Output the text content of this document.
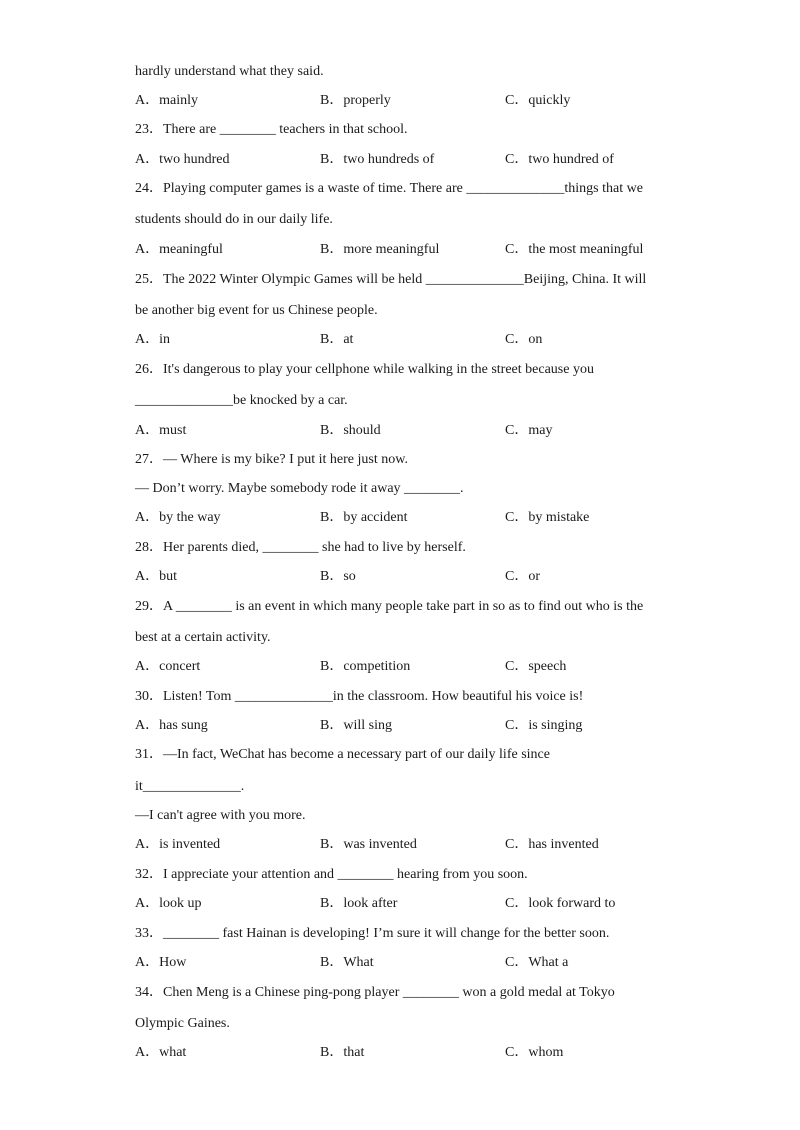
hardly understand what they said.
A．mainly	B．properly	C．quickly
23．There are ________ teachers in that school.
A．two hundred	B．two hundreds of	C．two hundred of
24．Playing computer games is a waste of time. There are ______________things that we
students should do in our daily life.
A．meaningful	B．more meaningful	C．the most meaningful
25．The 2022 Winter Olympic Games will be held ______________Beijing, China. It will
be another big event for us Chinese people.
A．in	B．at	C．on
26．It's dangerous to play your cellphone while walking in the street because you
______________be knocked by a car.
A．must	B．should	C．may
27．— Where is my bike? I put it here just now.
— Don’t worry. Maybe somebody rode it away ________.
A．by the way	B．by accident	C．by mistake
28．Her parents died, ________ she had to live by herself.
A．but	B．so	C．or
29．A ________ is an event in which many people take part in so as to find out who is the
best at a certain activity.
A．concert	B．competition	C．speech
30．Listen! Tom ______________in the classroom. How beautiful his voice is!
A．has sung	B．will sing	C．is singing
31．—In fact, WeChat has become a necessary part of our daily life since
it______________.
—I can't agree with you more.
A．is invented	B．was invented	C．has invented
32．I appreciate your attention and ________ hearing from you soon.
A．look up	B．look after	C．look forward to
33．________ fast Hainan is developing! I’m sure it will change for the better soon.
A．How	B．What	C．What a
34．Chen Meng is a Chinese ping-pong player ________ won a gold medal at Tokyo
Olympic Gaines.
A．what	B．that	C．whom
